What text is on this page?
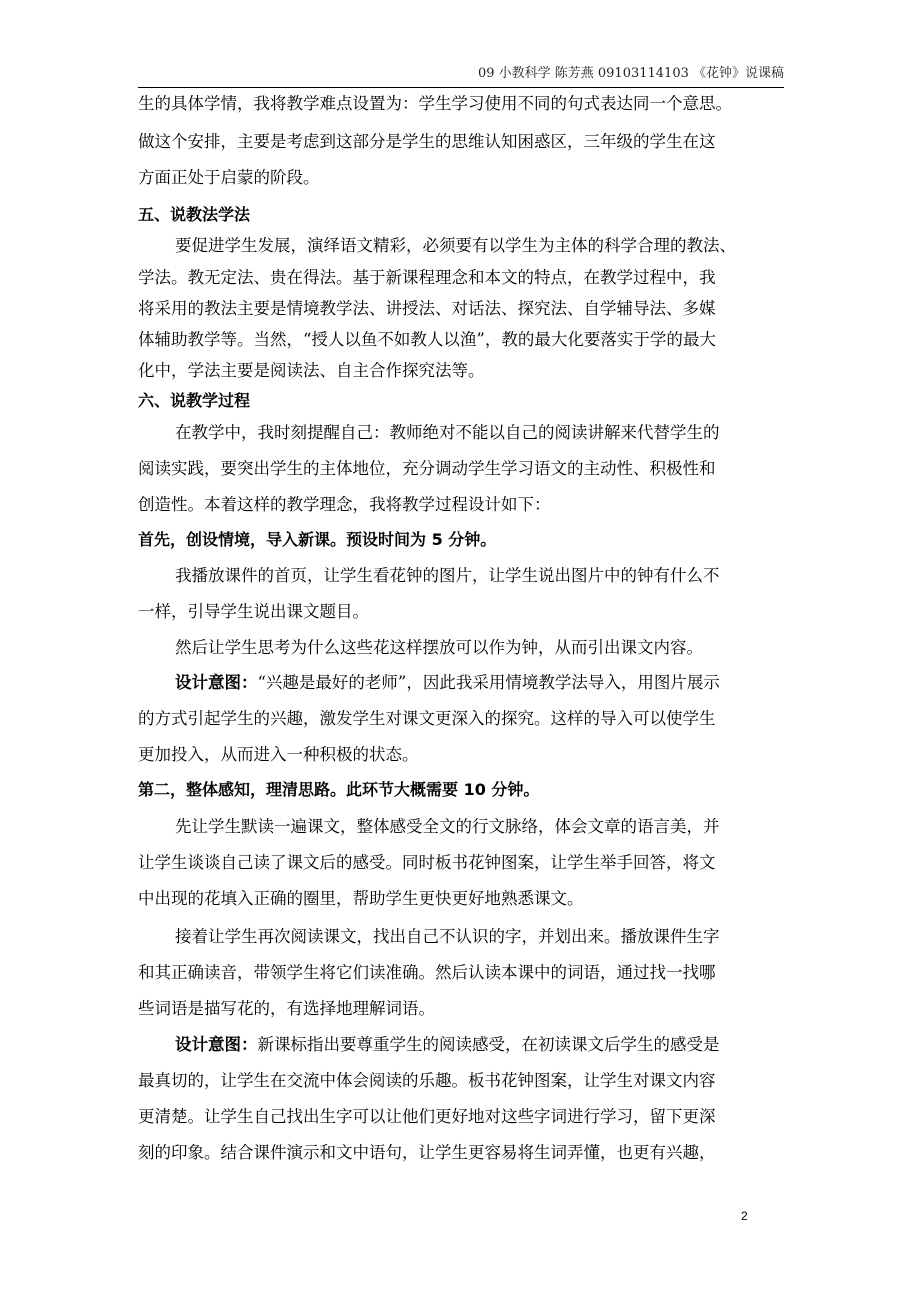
09 小教科学 陈芳燕 09103114103 《花钟》说课稿
生的具体学情，我将教学难点设置为：学生学习使用不同的句式表达同一个意思。
做这个安排，主要是考虑到这部分是学生的思维认知困惑区，三年级的学生在这
方面正处于启蒙的阶段。
五、说教法学法
要促进学生发展，演绎语文精彩，必须要有以学生为主体的科学合理的教法、
学法。教无定法、贵在得法。基于新课程理念和本文的特点，在教学过程中，我
将采用的教法主要是情境教学法、讲授法、对话法、探究法、自学辅导法、多媒
体辅助教学等。当然，“授人以鱼不如教人以渔”，教的最大化要落实于学的最大
化中，学法主要是阅读法、自主合作探究法等。
六、说教学过程
在教学中，我时刻提醒自己：教师绝对不能以自己的阅读讲解来代替学生的
阅读实践，要突出学生的主体地位，充分调动学生学习语文的主动性、积极性和
创造性。本着这样的教学理念，我将教学过程设计如下：
首先，创设情境，导入新课。预设时间为 5 分钟。
我播放课件的首页，让学生看花钟的图片，让学生说出图片中的钟有什么不
一样，引导学生说出课文题目。
然后让学生思考为什么这些花这样摆放可以作为钟，从而引出课文内容。
设计意图：“兴趣是最好的老师”，因此我采用情境教学法导入，用图片展示
的方式引起学生的兴趣，激发学生对课文更深入的探究。这样的导入可以使学生
更加投入，从而进入一种积极的状态。
第二，整体感知，理清思路。此环节大概需要 10 分钟。
先让学生默读一遍课文，整体感受全文的行文脉络，体会文章的语言美，并
让学生谈谈自己读了课文后的感受。同时板书花钟图案，让学生举手回答，将文
中出现的花填入正确的圈里，帮助学生更快更好地熟悉课文。
接着让学生再次阅读课文，找出自己不认识的字，并划出来。播放课件生字
和其正确读音，带领学生将它们读准确。然后认读本课中的词语，通过找一找哪
些词语是描写花的，有选择地理解词语。
设计意图：新课标指出要尊重学生的阅读感受，在初读课文后学生的感受是
最真切的，让学生在交流中体会阅读的乐趣。板书花钟图案，让学生对课文内容
更清楚。让学生自己找出生字可以让他们更好地对这些字词进行学习，留下更深
刻的印象。结合课件演示和文中语句，让学生更容易将生词弄懂，也更有兴趣，
2
